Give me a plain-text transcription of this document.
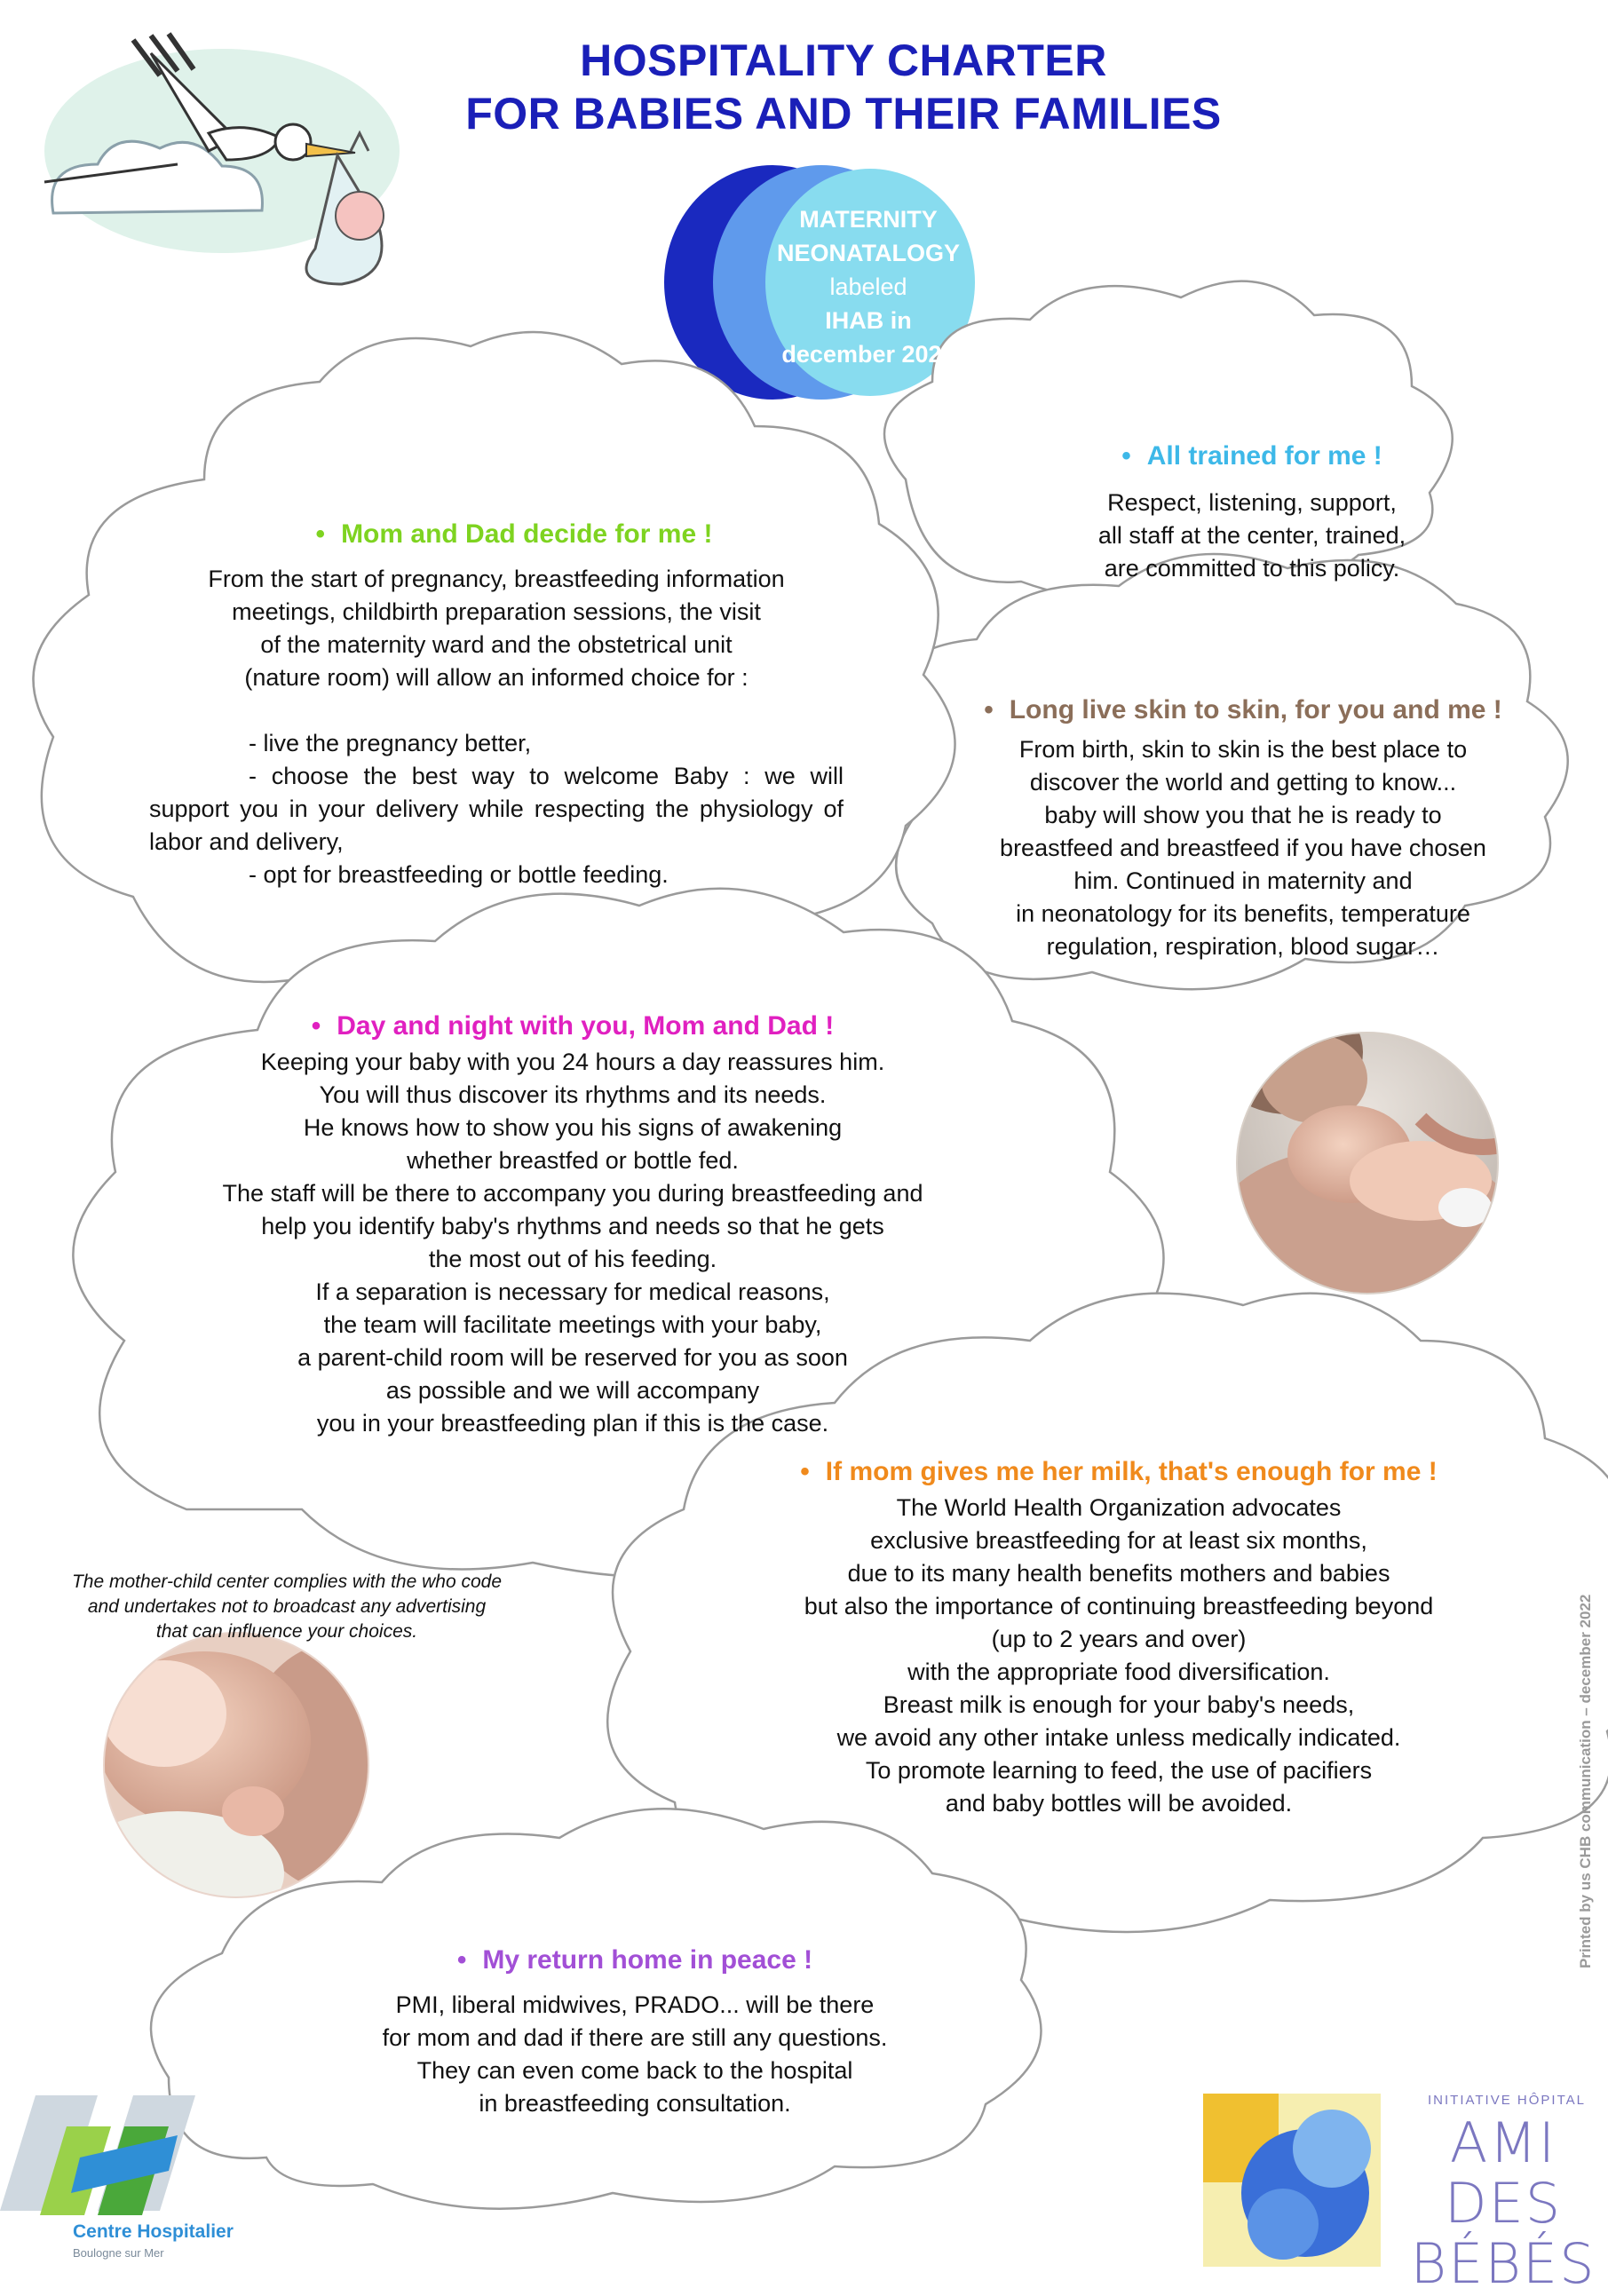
HOSPITALITY CHARTER
FOR BABIES AND THEIR FAMILIES
MATERNITY
NEONATALOGY
labeled
IHAB in
december 2022

• All trained for me !

Respect, listening, support,
all staff at the center, trained,
are committed to this policy.

• Mom and Dad decide for me !

From the start of pregnancy, breastfeeding information
meetings, childbirth preparation sessions, the visit
of the maternity ward and the obstetrical unit
(nature room) will allow an informed choice for :
- live the pregnancy better,
- choose the best way to welcome Baby : we will support you in your delivery while respecting the physiology of labor and delivery,
- opt for breastfeeding or bottle feeding.

• Long live skin to skin, for you and me !

From birth, skin to skin is the best place to
discover the world and getting to know...
baby will show you that he is ready to
breastfeed and breastfeed if you have chosen
him. Continued in maternity and
in neonatology for its benefits, temperature
regulation, respiration, blood sugar…

• Day and night with you, Mom and Dad !

Keeping your baby with you 24 hours a day reassures him.
You will thus discover its rhythms and its needs.
He knows how to show you his signs of awakening
whether breastfed or bottle fed.
The staff will be there to accompany you during breastfeeding and
help you identify baby's rhythms and needs so that he gets
the most out of his feeding.
If a separation is necessary for medical reasons,
the team will facilitate meetings with your baby,
a parent-child room will be reserved for you as soon
as possible and we will accompany
you in your breastfeeding plan if this is the case.

• If mom gives me her milk, that's enough for me !

The World Health Organization advocates
exclusive breastfeeding for at least six months,
due to its many health benefits mothers and babies
but also the importance of continuing breastfeeding beyond
(up to 2 years and over)
with the appropriate food diversification.
Breast milk is enough for your baby's needs,
we avoid any other intake unless medically indicated.
To promote learning to feed, the use of pacifiers
and baby bottles will be avoided.

• My return home in peace !

PMI, liberal midwives, PRADO... will be there
for mom and dad if there are still any questions.
They can even come back to the hospital
in breastfeeding consultation.
The mother-child center complies with the who code
and undertakes not to broadcast any advertising
that can influence your choices.	Printed by us CHB communication – december 2022
Centre Hospitalier
Boulogne sur Mer
INITIATIVE HÔPITAL
AMI DES
BÉBÉS
